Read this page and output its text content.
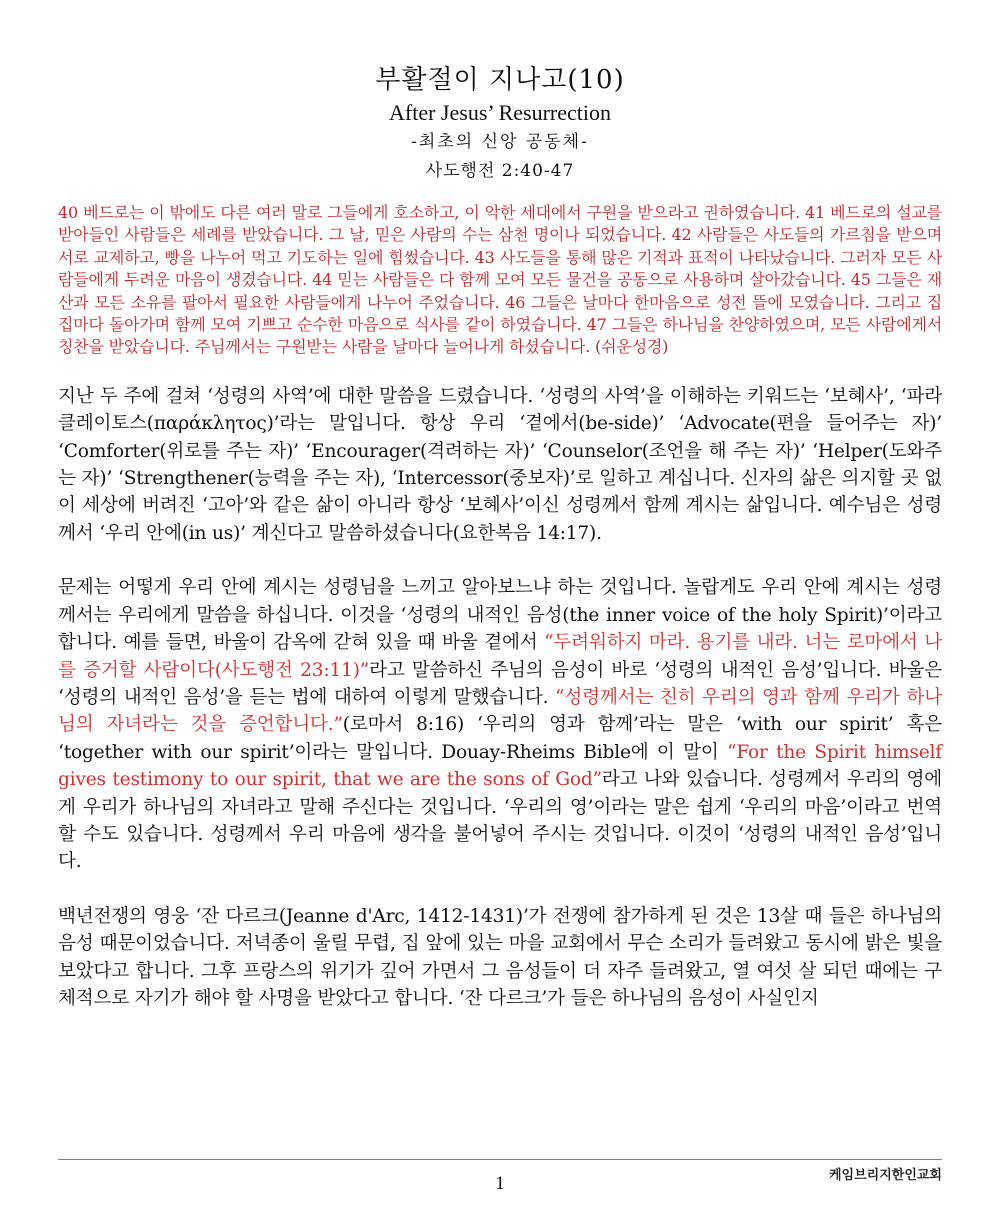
부활절이 지나고(10)
After Jesus’ Resurrection
-최초의 신앙 공동체-
사도행전 2:40-47

40 베드로는 이 밖에도 다른 여러 말로 그들에게 호소하고, 이 악한 세대에서 구원을 받으라고 권하였습니다. 41 베드로의 설교를 받아들인 사람들은 세례를 받았습니다. 그 날, 믿은 사람의 수는 삼천 명이나 되었습니다. 42 사람들은 사도들의 가르침을 받으며 서로 교제하고, 빵을 나누어 먹고 기도하는 일에 힘썼습니다. 43 사도들을 통해 많은 기적과 표적이 나타났습니다. 그러자 모든 사람들에게 두려운 마음이 생겼습니다. 44 믿는 사람들은 다 함께 모여 모든 물건을 공동으로 사용하며 살아갔습니다. 45 그들은 재산과 모든 소유를 팔아서 필요한 사람들에게 나누어 주었습니다. 46 그들은 날마다 한마음으로 성전 뜰에 모였습니다. 그리고 집집마다 돌아가며 함께 모여 기쁘고 순수한 마음으로 식사를 같이 하였습니다. 47 그들은 하나님을 찬양하였으며, 모든 사람에게서 칭찬을 받았습니다. 주님께서는 구원받는 사람을 날마다 늘어나게 하셨습니다. (쉬운성경)

지난 두 주에 걸쳐 ‘성령의 사역’에 대한 말씀을 드렸습니다. ‘성령의 사역’을 이해하는 키워드는 ‘보혜사’, ‘파라클레이토스(παράκλητος)’라는 말입니다. 항상 우리 ‘곁에서(be-side)’ ‘Advocate(편을 들어주는 자)’ ‘Comforter(위로를 주는 자)’ ‘Encourager(격려하는 자)’ ‘Counselor(조언을 해 주는 자)’ ‘Helper(도와주는 자)’ ‘Strengthener(능력을 주는 자), ‘Intercessor(중보자)’로 일하고 계십니다. 신자의 삶은 의지할 곳 없이 세상에 버려진 ‘고아’와 같은 삶이 아니라 항상 ‘보혜사’이신 성령께서 함께 계시는 삶입니다. 예수님은 성령께서 ‘우리 안에(in us)’ 계신다고 말씀하셨습니다(요한복음 14:17).

문제는 어떻게 우리 안에 계시는 성령님을 느끼고 알아보느냐 하는 것입니다. 놀랍게도 우리 안에 계시는 성령께서는 우리에게 말씀을 하십니다. 이것을 ‘성령의 내적인 음성(the inner voice of the holy Spirit)’이라고 합니다. 예를 들면, 바울이 감옥에 갇혀 있을 때 바울 곁에서 “두려워하지 마라. 용기를 내라. 너는 로마에서 나를 증거할 사람이다(사도행전 23:11)”라고 말씀하신 주님의 음성이 바로 ‘성령의 내적인 음성’입니다. 바울은 ‘성령의 내적인 음성’을 듣는 법에 대하여 이렇게 말했습니다. “성령께서는 친히 우리의 영과 함께 우리가 하나님의 자녀라는 것을 증언합니다.”(로마서 8:16) ‘우리의 영과 함께’라는 말은 ‘with our spirit’ 혹은 ‘together with our spirit’이라는 말입니다. Douay-Rheims Bible에 이 말이 “For the Spirit himself gives testimony to our spirit, that we are the sons of God”라고 나와 있습니다. 성령께서 우리의 영에게 우리가 하나님의 자녀라고 말해 주신다는 것입니다. ‘우리의 영’이라는 말은 쉽게 ‘우리의 마음’이라고 번역할 수도 있습니다. 성령께서 우리 마음에 생각을 불어넣어 주시는 것입니다. 이것이 ‘성령의 내적인 음성’입니다.

백년전쟁의 영웅 ‘잔 다르크(Jeanne d'Arc, 1412-1431)’가 전쟁에 참가하게 된 것은 13살 때 들은 하나님의 음성 때문이었습니다. 저녁종이 울릴 무렵, 집 앞에 있는 마을 교회에서 무슨 소리가 들려왔고 동시에 밝은 빛을 보았다고 합니다. 그후 프랑스의 위기가 깊어 가면서 그 음성들이 더 자주 들려왔고, 열 여섯 살 되던 때에는 구체적으로 자기가 해야 할 사명을 받았다고 합니다. ‘잔 다르크’가 들은 하나님의 음성이 사실인지

케임브리지한인교회
1
